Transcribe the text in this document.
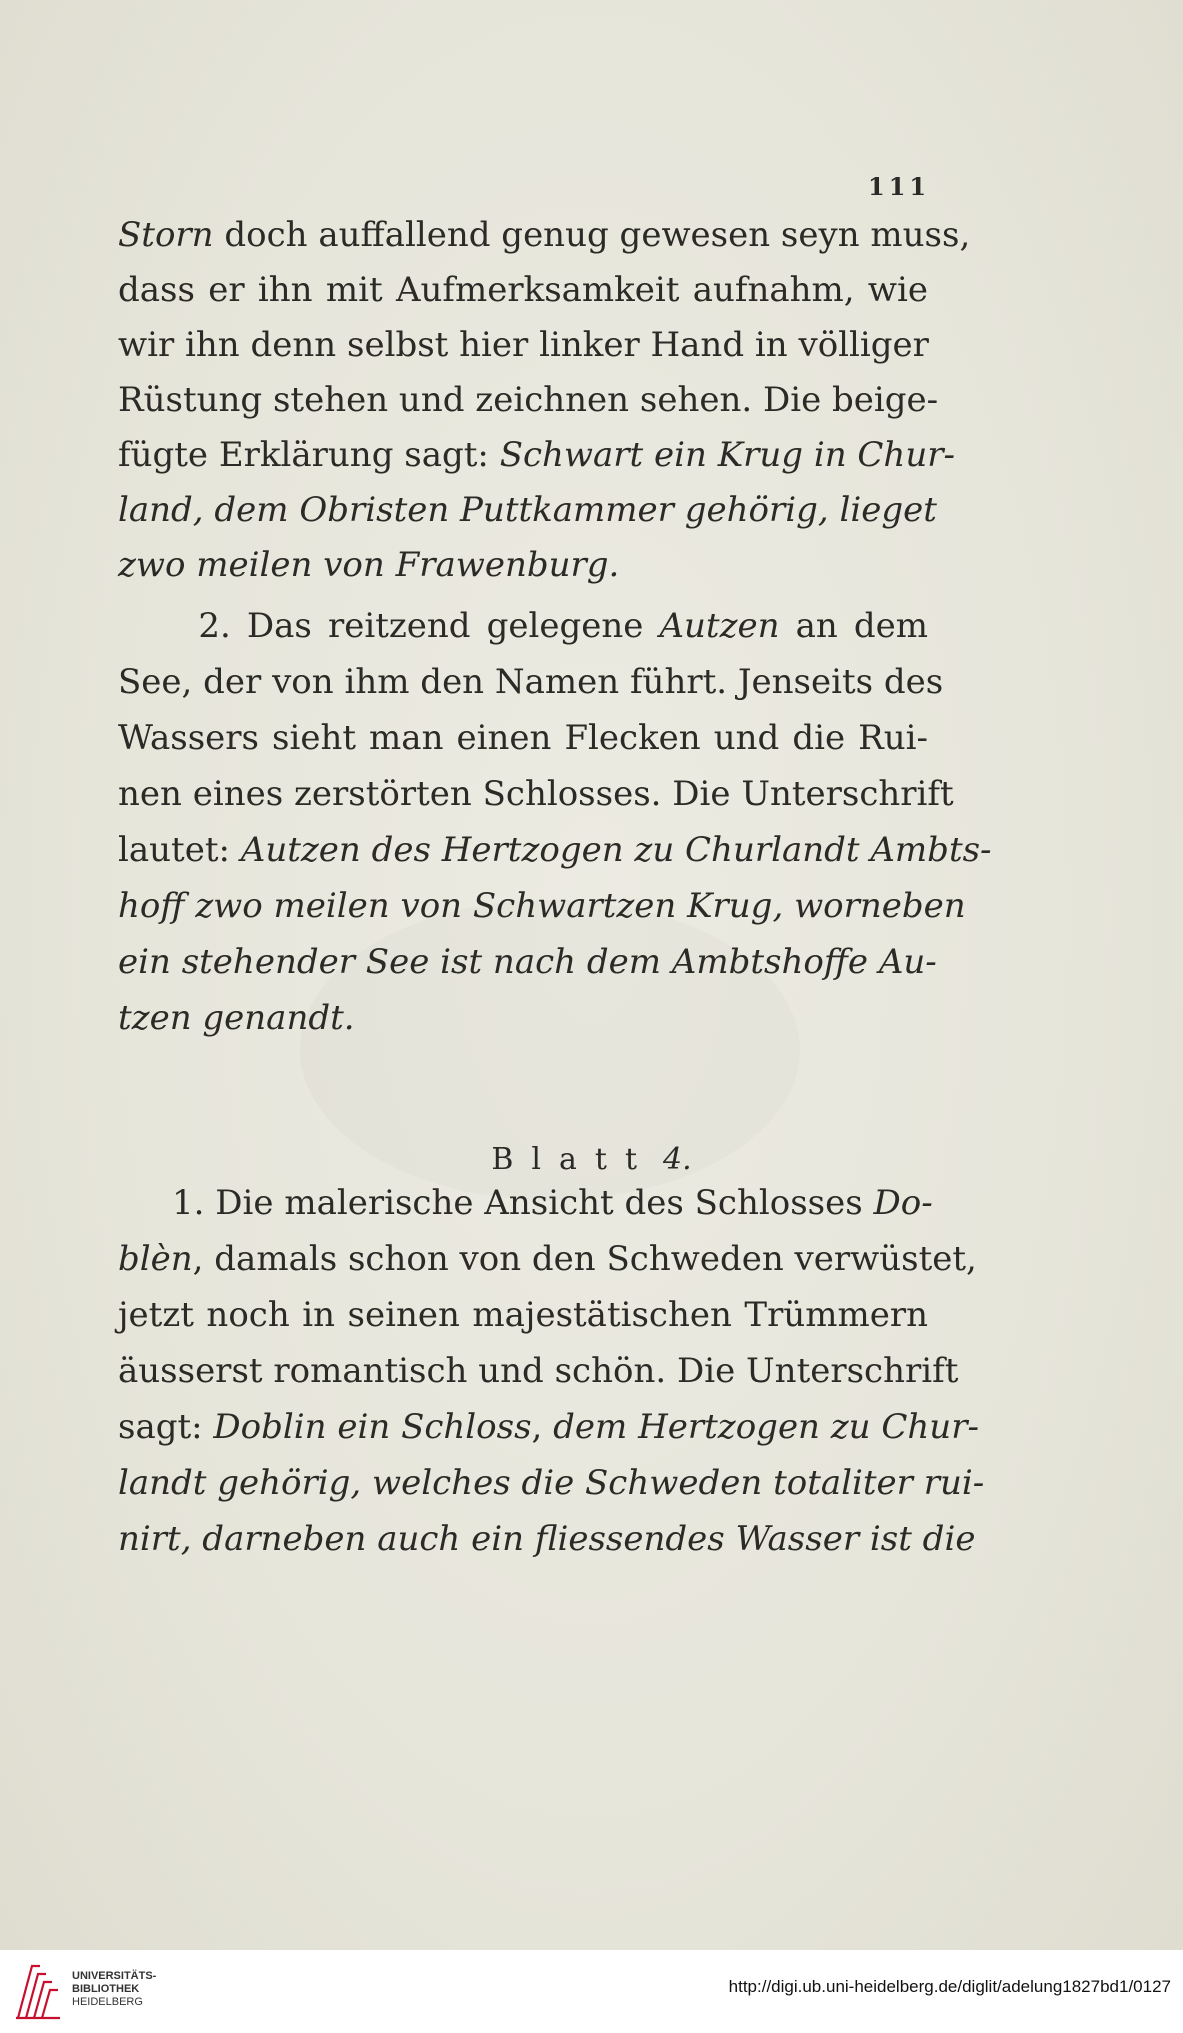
111
Storn doch auffallend genug gewesen seyn muss,
dass er ihn mit Aufmerksamkeit aufnahm, wie
wir ihn denn selbst hier linker Hand in völliger
Rüstung stehen und zeichnen sehen. Die beige-
fügte Erklärung sagt: Schwart ein Krug in Chur-
land, dem Obristen Puttkammer gehörig, lieget
zwo meilen von Frawenburg.
2. Das reitzend gelegene Autzen an dem
See, der von ihm den Namen führt. Jenseits des
Wassers sieht man einen Flecken und die Rui-
nen eines zerstörten Schlosses. Die Unterschrift
lautet: Autzen des Hertzogen zu Churlandt Ambts-
hoff zwo meilen von Schwartzen Krug, worneben
ein stehender See ist nach dem Ambtshoffe Au-
tzen genandt.
1. Die malerische Ansicht des Schlosses Do-
blèn, damals schon von den Schweden verwüstet,
jetzt noch in seinen majestätischen Trümmern
äusserst romantisch und schön. Die Unterschrift
sagt: Doblin ein Schloss, dem Hertzogen zu Chur-
landt gehörig, welches die Schweden totaliter rui-
nirt, darneben auch ein fliessendes Wasser ist die
Blatt 4.
UNIVERSITÄTS-
BIBLIOTHEK
HEIDELBERG
http://digi.ub.uni-heidelberg.de/diglit/adelung1827bd1/0127
